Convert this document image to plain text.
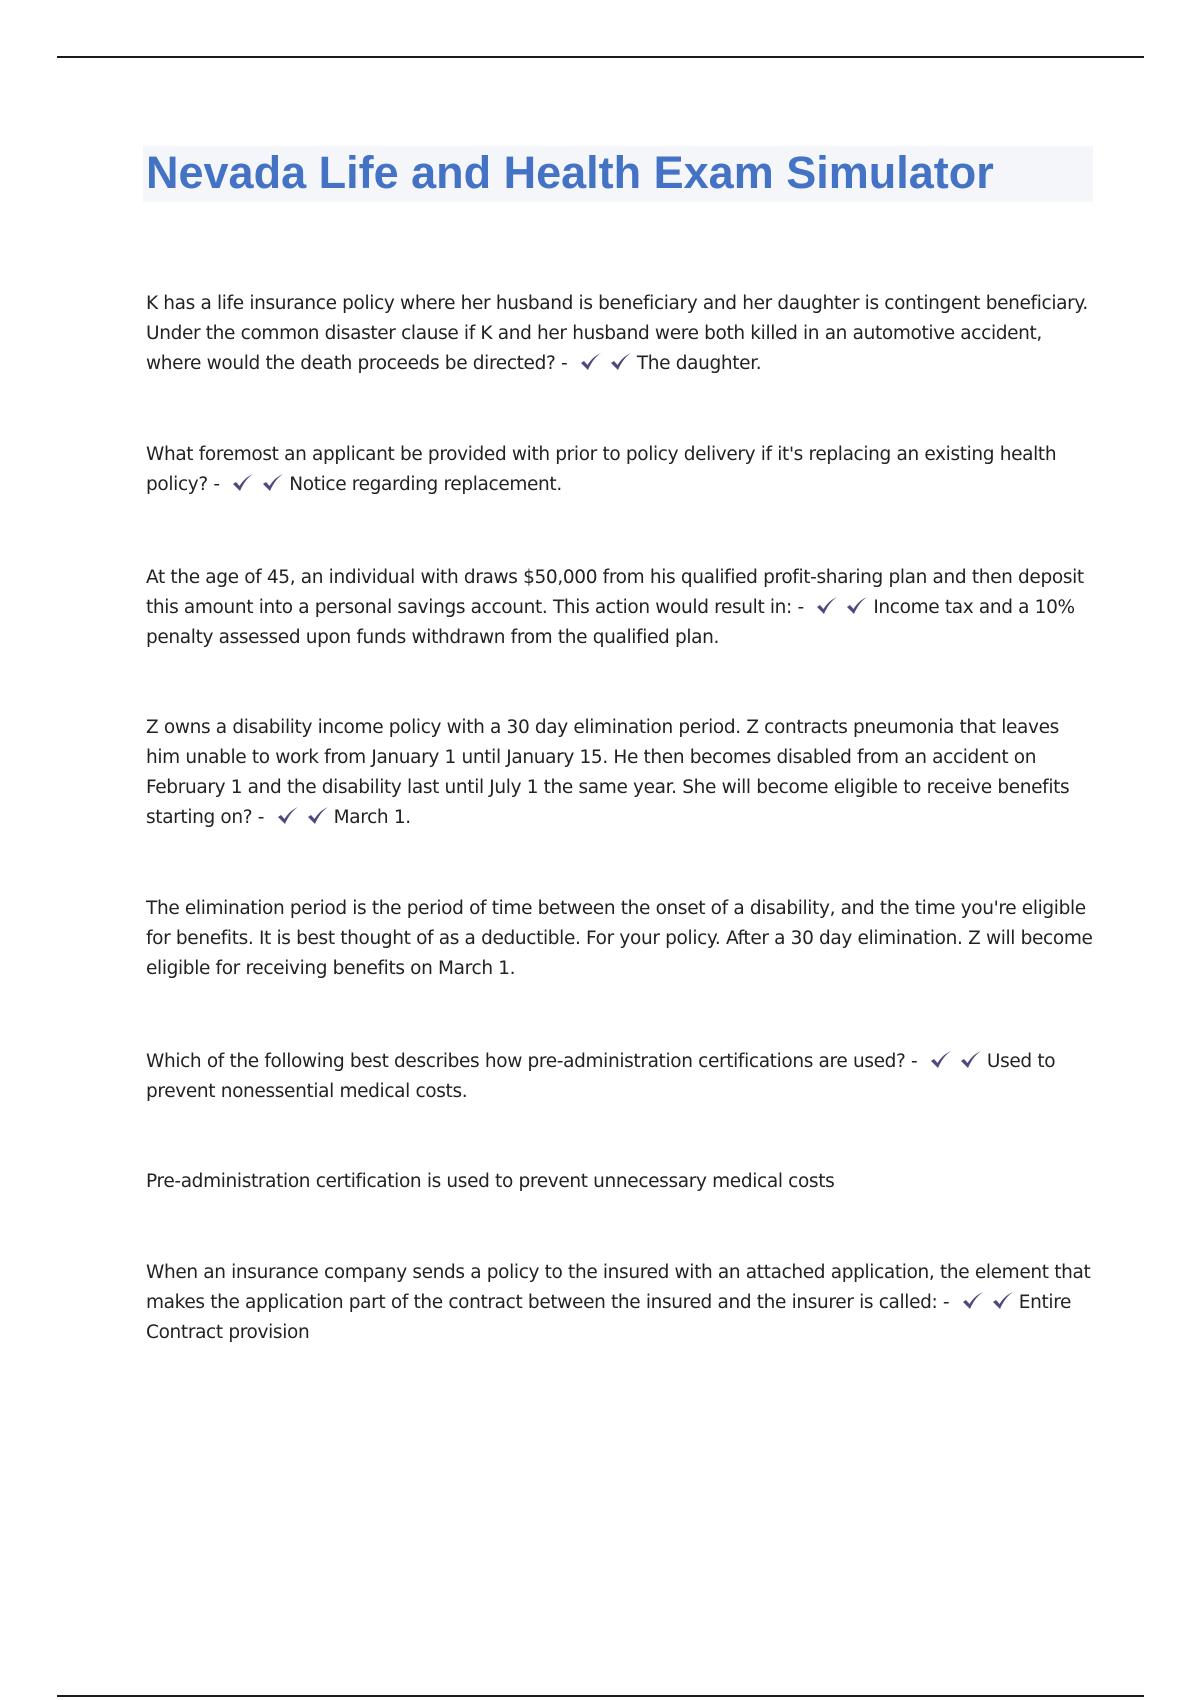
Nevada Life and Health Exam Simulator

K has a life insurance policy where her husband is beneficiary and her daughter is contingent beneficiary. Under the common disaster clause if K and her husband were both killed in an automotive accident, where would the death proceeds be directed? -	The daughter.

What foremost an applicant be provided with prior to policy delivery if it's replacing an existing health policy? -	Notice regarding replacement.

At the age of 45, an individual with draws $50,000 from his qualified profit-sharing plan and then deposit this amount into a personal savings account. This action would result in: -	Income tax and a 10% penalty assessed upon funds withdrawn from the qualified plan.

Z owns a disability income policy with a 30 day elimination period. Z contracts pneumonia that leaves him unable to work from January 1 until January 15. He then becomes disabled from an accident on February 1 and the disability last until July 1 the same year. She will become eligible to receive benefits starting on? -	March 1.

The elimination period is the period of time between the onset of a disability, and the time you're eligible for benefits. It is best thought of as a deductible. For your policy. After a 30 day elimination. Z will become eligible for receiving benefits on March 1.

Which of the following best describes how pre-administration certifications are used? -	Used to prevent nonessential medical costs.

Pre-administration certification is used to prevent unnecessary medical costs

When an insurance company sends a policy to the insured with an attached application, the element that makes the application part of the contract between the insured and the insurer is called: -	Entire Contract provision
